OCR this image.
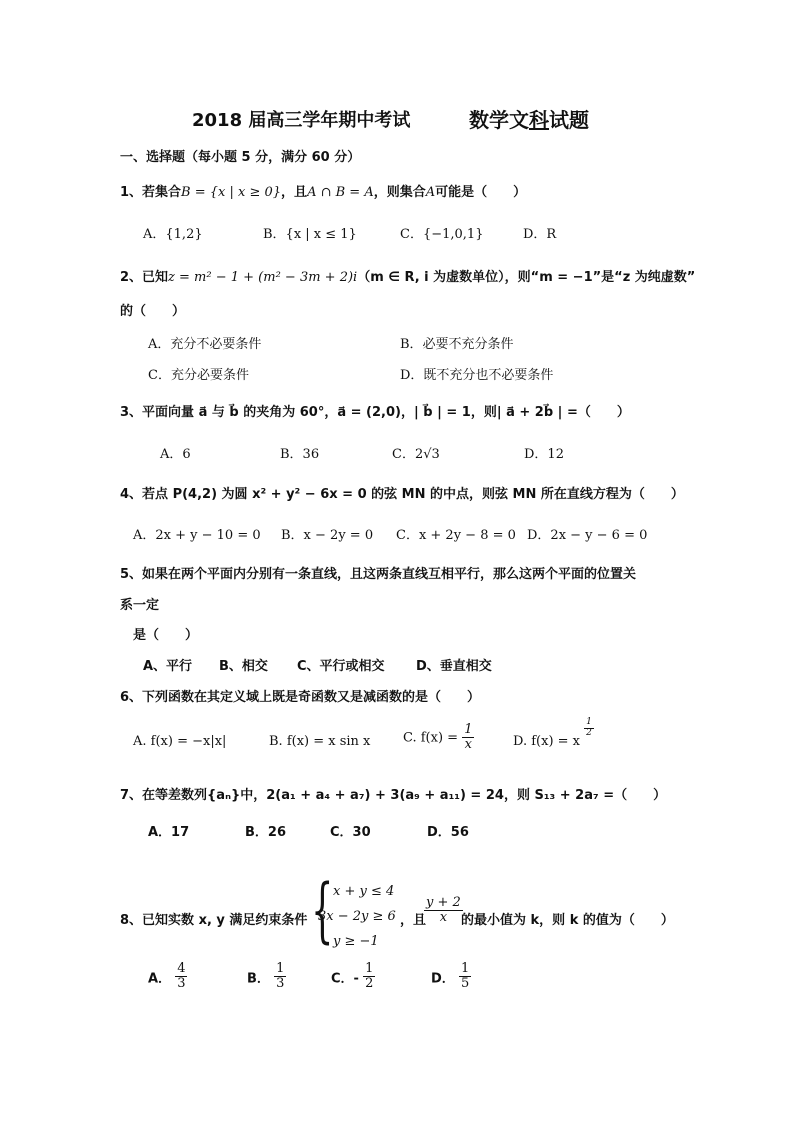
2018 届高三学年期中考试	数学文科试题
一、选择题（每小题 5 分，满分 60 分）
1、若集合B = {x | x ≥ 0}，且A ∩ B = A，则集合A可能是（　　）
A．{1,2}	B．{x | x ≤ 1}	C．{−1,0,1}	D．R
2、已知z = m² − 1 + (m² − 3m + 2)i（m ∈ R, i 为虚数单位），则“m = −1”是“z 为纯虚数”
的（　　）
A．充分不必要条件	B．必要不充分条件
C．充分必要条件	D．既不充分也不必要条件
3、平面向量 a⃗ 与 b⃗ 的夹角为 60°，a⃗ = (2,0)，| b⃗ | = 1，则| a⃗ + 2b⃗ | =（　　）
A．6	B．36	C．2√3	D．12
4、若点 P(4,2) 为圆 x² + y² − 6x = 0 的弦 MN 的中点，则弦 MN 所在直线方程为（　　）
A．2x + y − 10 = 0 B．x − 2y = 0 C．x + 2y − 8 = 0 D．2x − y − 6 = 0
5、如果在两个平面内分别有一条直线，且这两条直线互相平行，那么这两个平面的位置关
系一定
是（　　）
A、平行 B、相交 C、平行或相交 D、垂直相交
6、下列函数在其定义域上既是奇函数又是减函数的是（　　）
A. f(x) = −x|x|	B. f(x) = x sin x	C. $f(x) = \frac{1}{x}$	D. f(x) = x
$\frac{1}{2}$
7、在等差数列{aₙ}中，2(a₁ + a₄ + a₇) + 3(a₉ + a₁₁) = 24，则 S₁₃ + 2a₇ =（　　）
A．17	B．26	C．30	D．56
8、已知实数 x, y 满足约束条件 { x + y ≤ 4
3x − 2y ≥ 6
y ≥ −1
，且
$\frac{y + 2}{x}$
的最小值为 k，则 k 的值为（　　）
A． $\frac{4}{3}$	B． $\frac{1}{3}$	C．- $\frac{1}{2}$	D． $\frac{1}{5}$
